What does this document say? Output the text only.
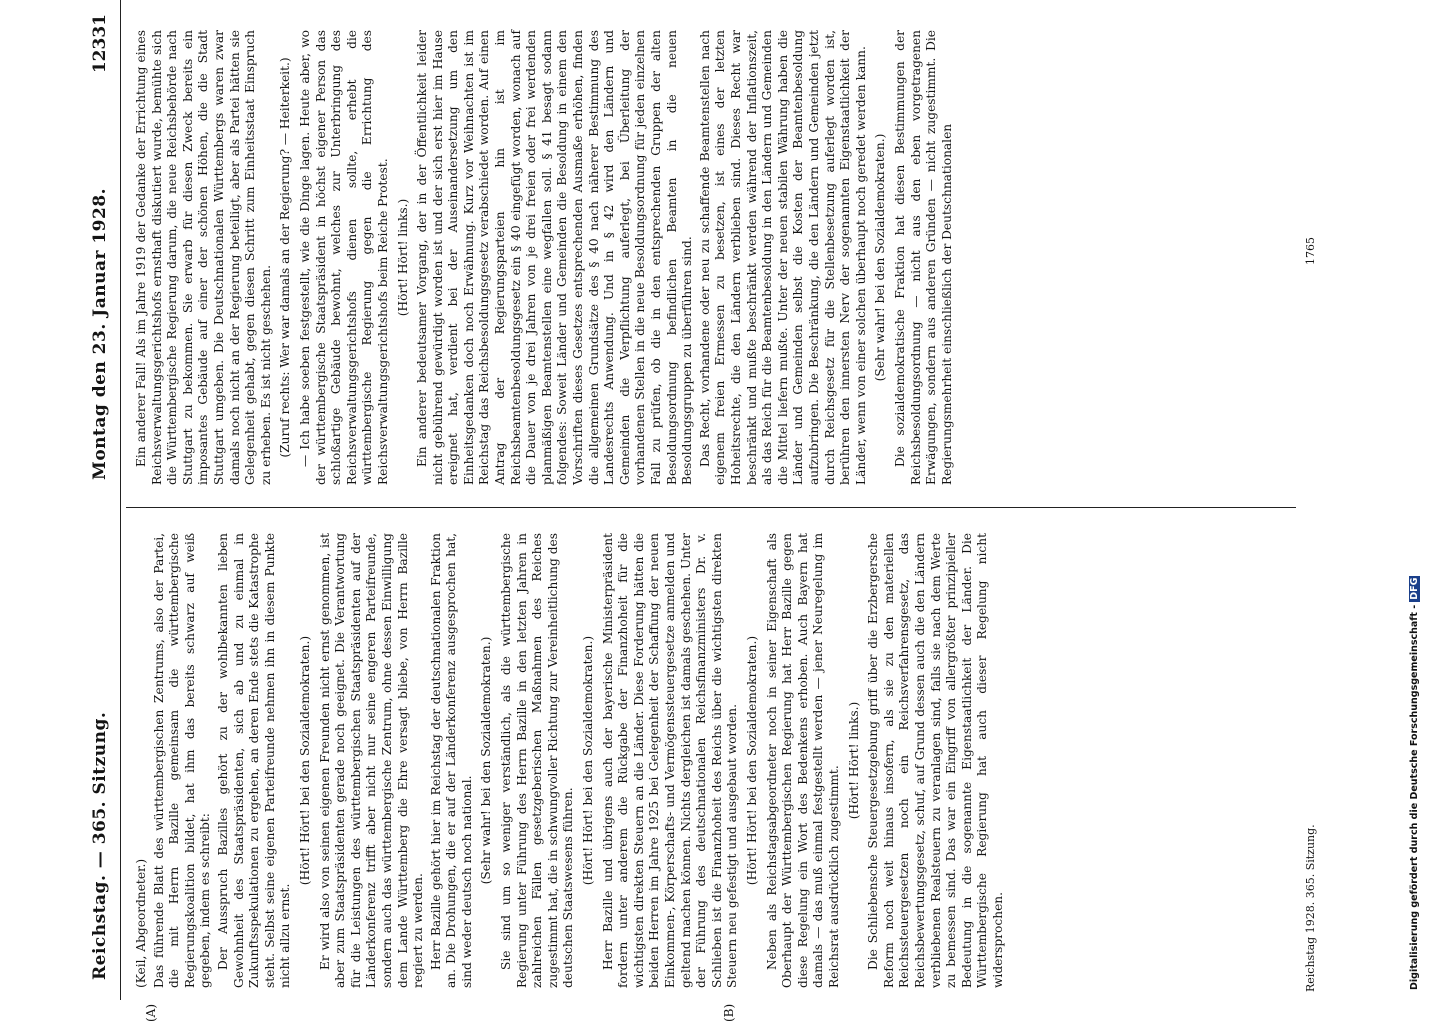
Reichstag. — 365. Sitzung.
Montag den 23. Januar 1928.
12331
(A)	(B)

(Keil, Abgeordneter.) Das führende Blatt des württembergischen Zentrums, also der Partei, die mit Herrn Bazille gemeinsam die württembergische Regierungskoalition bildet, hat ihm das bereits schwarz auf weiß gegeben, indem es schreibt: Der Ausspruch Bazilles gehört zu der wohlbekannten lieben Gewohnheit des Staatspräsidenten, sich ab und zu einmal in Zukunftsspekulationen zu ergehen, an deren Ende stets die Katastrophe steht. Selbst seine eigenen Parteifreunde nehmen ihn in diesem Punkte nicht allzu ernst.

(Hört! Hört! bei den Sozialdemokraten.) Er wird also von seinen eigenen Freunden nicht ernst genommen, ist aber zum Staatspräsidenten gerade noch geeignet. Die Verantwortung für die Leistungen des württembergischen Staatspräsidenten auf der Länderkonferenz trifft aber nicht nur seine engeren Parteifreunde, sondern auch das württembergische Zentrum, ohne dessen Einwilligung dem Lande Württemberg die Ehre versagt bliebe, von Herrn Bazille regiert zu werden. Herr Bazille gehört hier im Reichstag der deutschnationalen Fraktion an. Die Drohungen, die er auf der Länderkonferenz ausgesprochen hat, sind weder deutsch noch national. (Sehr wahr! bei den Sozialdemokraten.) Sie sind um so weniger verständlich, als die württembergische Regierung unter Führung des Herrn Bazille in den letzten Jahren in zahlreichen Fällen gesetzgeberischen Maßnahmen des Reiches zugestimmt hat, die in schwungvoller Richtung zur Vereinheitlichung des deutschen Staatswesens führen.

(Hört! Hört! bei den Sozialdemokraten.) Herr Bazille und übrigens auch der bayerische Ministerpräsident fordern unter anderem die Rückgabe der Finanzhoheit für die wichtigsten direkten Steuern an die Länder. Diese Forderung hätten die beiden Herren im Jahre 1925 bei Gelegenheit der Schaffung der neuen Einkommen-, Körperschafts- und Vermögenssteuergesetze anmelden und geltend machen können. Nichts dergleichen ist damals geschehen. Unter der Führung des deutschnationalen Reichsfinanzministers Dr. v. Schlieben ist die Finanzhoheit des Reichs über die wichtigsten direkten Steuern neu gefestigt und ausgebaut worden. (Hört! Hört! bei den Sozialdemokraten.) Neben als Reichstagsabgeordneter noch in seiner Eigenschaft als Oberhaupt der Württembergischen Regierung hat Herr Bazille gegen diese Regelung ein Wort des Bedenkens erhoben. Auch Bayern hat damals — das muß einmal festgestellt werden — jener Neuregelung im Reichsrat ausdrücklich zugestimmt.

(Hört! Hört! links.) Die Schliebensche Steuergesetzgebung griff über die Erzbergersche Reform noch weit hinaus insofern, als sie zu den materiellen Reichssteuergesetzen noch ein Reichsverfahrensgesetz, das Reichsbewertungsgesetz, schuf, auf Grund dessen auch die den Ländern verbliebenen Realsteuern zu veranlagen sind, falls sie nach dem Werte zu bemessen sind. Das war ein Eingriff von allergrößter prinzipieller Bedeutung in die sogenannte Eigenstaatlichkeit der Länder. Die Württembergische Regierung hat auch dieser Regelung nicht widersprochen.

Ein anderer Fall! Als im Jahre 1919 der Gedanke der Errichtung eines Reichsverwaltungsgerichtshofs ernsthaft diskutiert wurde, bemühte sich die Württembergische Regierung darum, die neue Reichsbehörde nach Stuttgart zu bekommen. Sie erwarb für diesen Zweck bereits ein imposantes Gebäude auf einer der schönen Höhen, die die Stadt Stuttgart umgeben. Die Deutschnationalen Württembergs waren zwar damals noch nicht an der Regierung beteiligt, aber als Partei hätten sie Gelegenheit gehabt, gegen diesen Schritt zum Einheitsstaat Einspruch zu erheben. Es ist nicht geschehen. (Zuruf rechts: Wer war damals an der Regierung? — Heiterkeit.) — Ich habe soeben festgestellt, wie die Dinge lagen. Heute aber, wo der württembergische Staatspräsident in höchst eigener Person das schloßartige Gebäude bewohnt, welches zur Unterbringung des Reichsverwaltungsgerichtshofs dienen sollte, erhebt die württembergische Regierung gegen die Errichtung des Reichsverwaltungsgerichtshofs beim Reiche Protest. (Hört! Hört! links.) Ein anderer bedeutsamer Vorgang, der in der Öffentlichkeit leider nicht gebührend gewürdigt worden ist und der sich erst hier im Hause ereignet hat, verdient bei der Auseinandersetzung um den Einheitsgedanken doch noch Erwähnung. Kurz vor Weihnachten ist im Reichstag das Reichsbesoldungsgesetz verabschiedet worden. Auf einen Antrag der Regierungsparteien hin ist im Reichsbeamtenbesoldungsgesetz ein § 40 eingefügt worden, wonach auf die Dauer von je drei Jahren von je drei freien oder frei werdenden planmäßigen Beamtenstellen eine wegfallen soll. § 41 besagt sodann folgendes: Soweit Länder und Gemeinden die Besoldung in einem den Vorschriften dieses Gesetzes entsprechenden Ausmaße erhöhen, finden die allgemeinen Grundsätze des § 40 nach näherer Bestimmung des Landesrechts Anwendung. Und in § 42 wird den Ländern und Gemeinden die Verpflichtung auferlegt, bei Überleitung der vorhandenen Stellen in die neue Besoldungsordnung für jeden einzelnen Fall zu prüfen, ob die in den entsprechenden Gruppen der alten Besoldungsordnung befindlichen Beamten in die neuen Besoldungsgruppen zu überführen sind. Das Recht, vorhandene oder neu zu schaffende Beamtenstellen nach eigenem freien Ermessen zu besetzen, ist eines der letzten Hoheitsrechte, die den Ländern verblieben sind. Dieses Recht war beschränkt und mußte beschränkt werden während der Inflationszeit, als das Reich für die Beamtenbesoldung in den Ländern und Gemeinden die Mittel liefern mußte. Unter der neuen stabilen Währung haben die Länder und Gemeinden selbst die Kosten der Beamtenbesoldung aufzubringen. Die Beschränkung, die den Ländern und Gemeinden jetzt durch Reichsgesetz für die Stellenbesetzung auferlegt worden ist, berühren den innersten Nerv der sogenannten Eigenstaatlichkeit der Länder, wenn von einer solchen überhaupt noch geredet werden kann. (Sehr wahr! bei den Sozialdemokraten.) Die sozialdemokratische Fraktion hat diesen Bestimmungen der Reichsbesoldungsordnung — nicht aus den eben vorgetragenen Erwägungen, sondern aus anderen Gründen — nicht zugestimmt. Die Regierungsmehrheit einschließlich der Deutschnationalen

Reichstag 1928. 365. Sitzung.
1765
Digitalisierung gefördert durch die Deutsche Forschungsgemeinschaft -DFG
